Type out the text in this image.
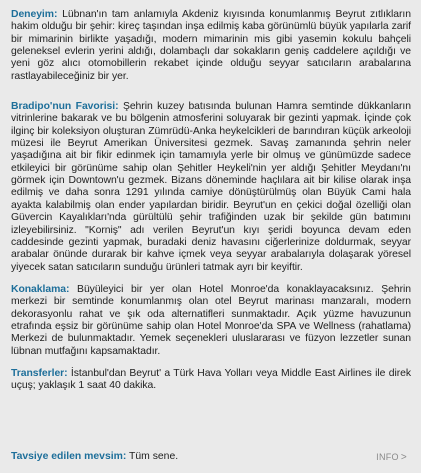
Deneyim: Lübnan'ın tam anlamıyla Akdeniz kıyısında konumlanmış Beyrut zıtlıkların hakim olduğu bir şehir: kireç taşından inşa edilmiş kaba görünümlü büyük yapılarla zarif bir mimarinin birlikte yaşadığı, modern mimarinin mis gibi yasemin kokulu bahçeli geleneksel evlerin yerini aldığı, dolambaçlı dar sokakların geniş caddelere açıldığı ve yeni göz alıcı otomobillerin rekabet içinde olduğu seyyar satıcıların arabalarına rastlayabileceğiniz bir yer.

Bradipo'nun Favorisi: Şehrin kuzey batısında bulunan Hamra semtinde dükkanların vitrinlerine bakarak ve bu bölgenin atmosferini soluyarak bir gezinti yapmak. İçinde çok ilginç bir koleksiyon oluşturan Zümrüdü-Anka heykelcikleri de barındıran küçük arkeoloji müzesi ile Beyrut Amerikan Üniversitesi gezmek. Savaş zamanında şehrin neler yaşadığına ait bir fikir edinmek için tamamıyla yerle bir olmuş ve günümüzde sadece etkileyici bir görünüme sahip olan Şehitler Heykeli'nin yer aldığı Şehitler Meydanı'nı görmek için Downtown'u gezmek. Bizans döneminde haçlılara ait bir kilise olarak inşa edilmiş ve daha sonra 1291 yılında camiye dönüştürülmüş olan Büyük Cami hala ayakta kalabilmiş olan ender yapılardan biridir. Beyrut'un en çekici doğal özelliği olan Güvercin Kayalıkları'nda gürültülü şehir trafiğinden uzak bir şekilde gün batımını izleyebilirsiniz. "Korniş" adı verilen Beyrut'un kıyı şeridi boyunca devam eden caddesinde gezinti yapmak, buradaki deniz havasını ciğerlerinize doldurmak, seyyar arabalar önünde durarak bir kahve içmek veya seyyar arabalarıyla dolaşarak yöresel yiyecek satan satıcıların sunduğu ürünleri tatmak ayrı bir keyiftir.

Konaklama: Büyüleyici bir yer olan Hotel Monroe'da konaklayacaksınız. Şehrin merkezi bir semtinde konumlanmış olan otel Beyrut marinası manzaralı, modern dekorasyonlu rahat ve şık oda alternatifleri sunmaktadır. Açık yüzme havuzunun etrafında eşsiz bir görünüme sahip olan Hotel Monroe'da SPA ve Wellness (rahatlama) Merkezi de bulunmaktadır. Yemek seçenekleri uluslararası ve füzyon lezzetler sunan lübnan mutfağını kapsamaktadır.

Transferler: İstanbul'dan Beyrut' a Türk Hava Yolları veya Middle East Airlines ile direk uçuş; yaklaşık 1 saat 40 dakika.

Tavsiye edilen mevsim: Tüm sene.	INFO >
